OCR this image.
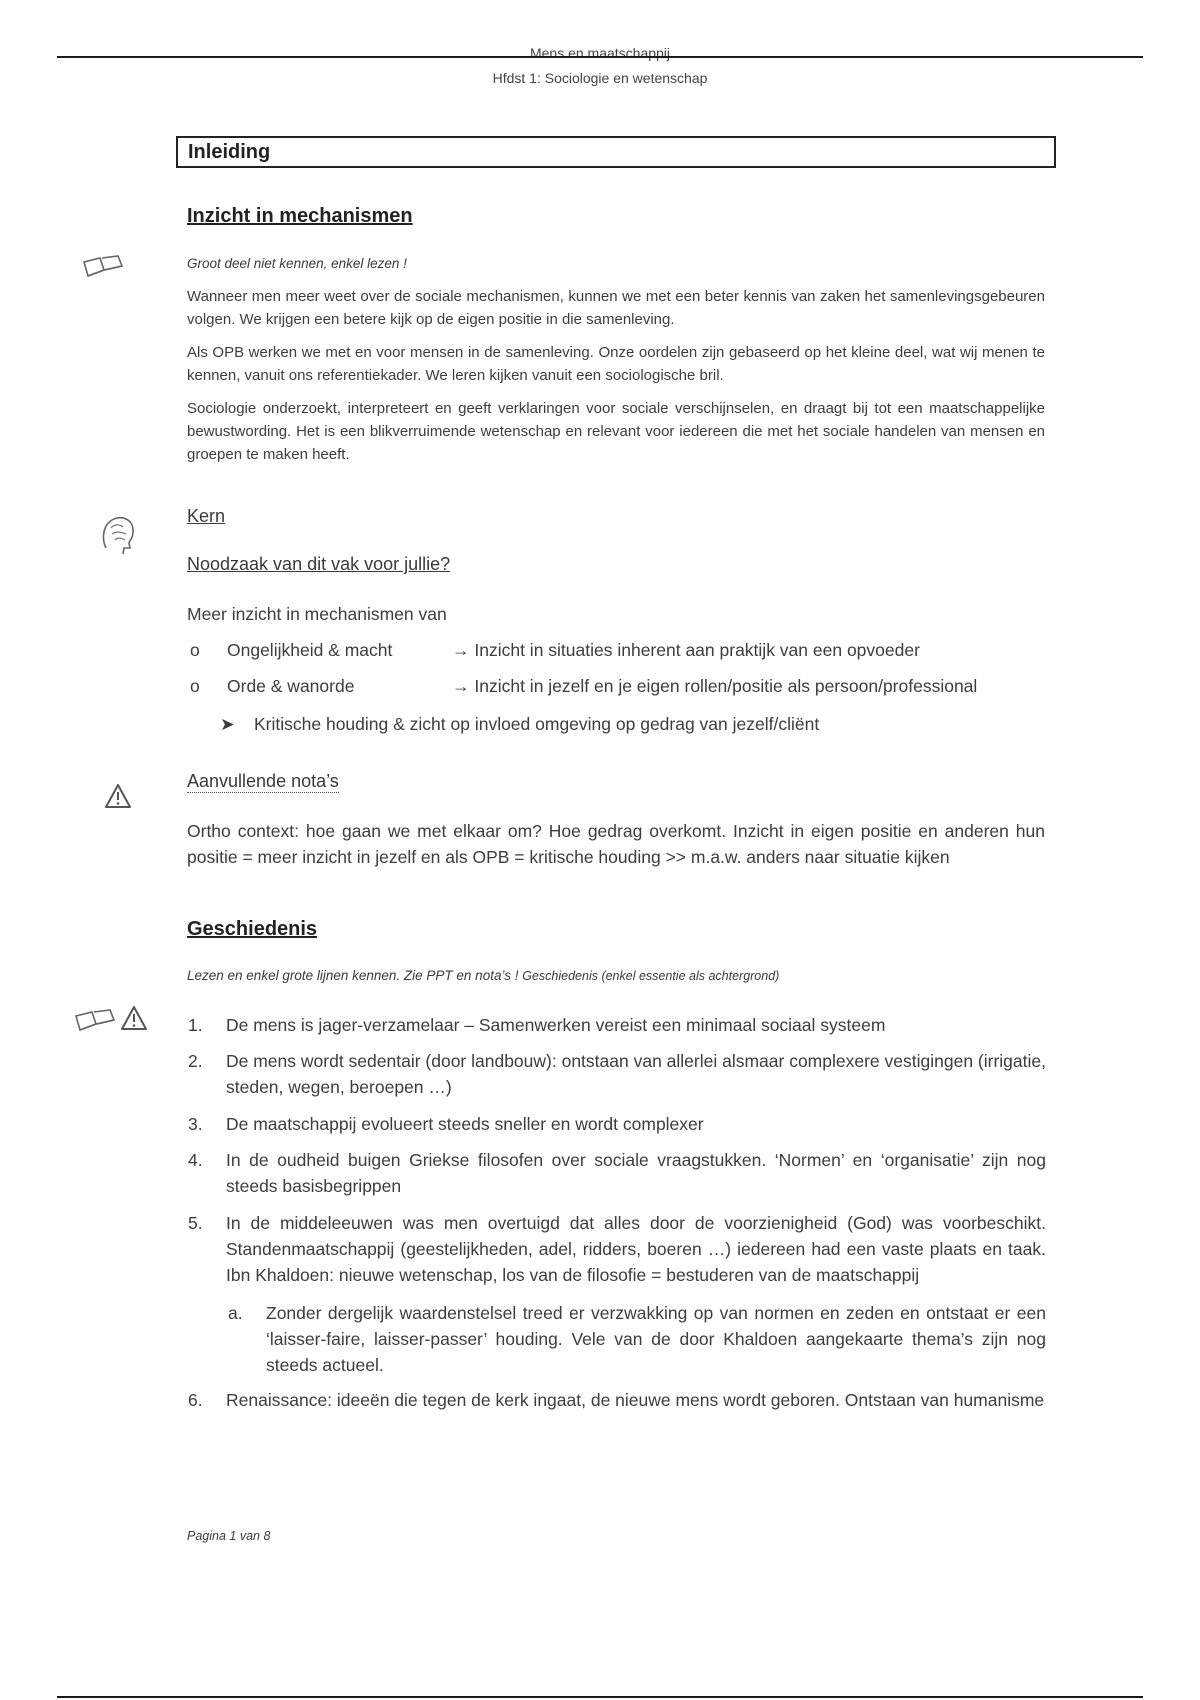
Mens en maatschappij
Hfdst 1: Sociologie en wetenschap
Inleiding
Inzicht in mechanismen
Groot deel niet kennen, enkel lezen !

Wanneer men meer weet over de sociale mechanismen, kunnen we met een beter kennis van zaken het samenlevingsgebeuren volgen. We krijgen een betere kijk op de eigen positie in die samenleving.

Als OPB werken we met en voor mensen in de samenleving. Onze oordelen zijn gebaseerd op het kleine deel, wat wij menen te kennen, vanuit ons referentiekader. We leren kijken vanuit een sociologische bril.

Sociologie onderzoekt, interpreteert en geeft verklaringen voor sociale verschijnselen, en draagt bij tot een maatschappelijke bewustwording. Het is een blikverruimende wetenschap en relevant voor iedereen die met het sociale handelen van mensen en groepen te maken heeft.

Kern
Noodzaak van dit vak voor jullie?
Meer inzicht in mechanismen van
o Ongelijkheid & macht	→ Inzicht in situaties inherent aan praktijk van een opvoeder
o Orde & wanorde	→ Inzicht in jezelf en je eigen rollen/positie als persoon/professional
➤ Kritische houding & zicht op invloed omgeving op gedrag van jezelf/cliënt
Aanvullende nota’s
Ortho context: hoe gaan we met elkaar om? Hoe gedrag overkomt. Inzicht in eigen positie en anderen hun positie = meer inzicht in jezelf en als OPB = kritische houding >> m.a.w. anders naar situatie kijken
Geschiedenis
Lezen en enkel grote lijnen kennen. Zie PPT en nota’s ! Geschiedenis (enkel essentie als achtergrond)
1.	De mens is jager-verzamelaar – Samenwerken vereist een minimaal sociaal systeem
2.	De mens wordt sedentair (door landbouw): ontstaan van allerlei alsmaar complexere vestigingen (irrigatie, steden, wegen, beroepen …)
3.	De maatschappij evolueert steeds sneller en wordt complexer
4.	In de oudheid buigen Griekse filosofen over sociale vraagstukken. ‘Normen’ en ‘organisatie’ zijn nog steeds basisbegrippen
5.	In de middeleeuwen was men overtuigd dat alles door de voorzienigheid (God) was voorbeschikt. Standenmaatschappij (geestelijkheden, adel, ridders, boeren …) iedereen had een vaste plaats en taak. Ibn Khaldoen: nieuwe wetenschap, los van de filosofie = bestuderen van de maatschappij
a.	Zonder dergelijk waardenstelsel treed er verzwakking op van normen en zeden en ontstaat er een ‘laisser-faire, laisser-passer’ houding. Vele van de door Khaldoen aangekaarte thema’s zijn nog steeds actueel.
6.	Renaissance: ideeën die tegen de kerk ingaat, de nieuwe mens wordt geboren. Ontstaan van humanisme
Pagina 1 van 8
